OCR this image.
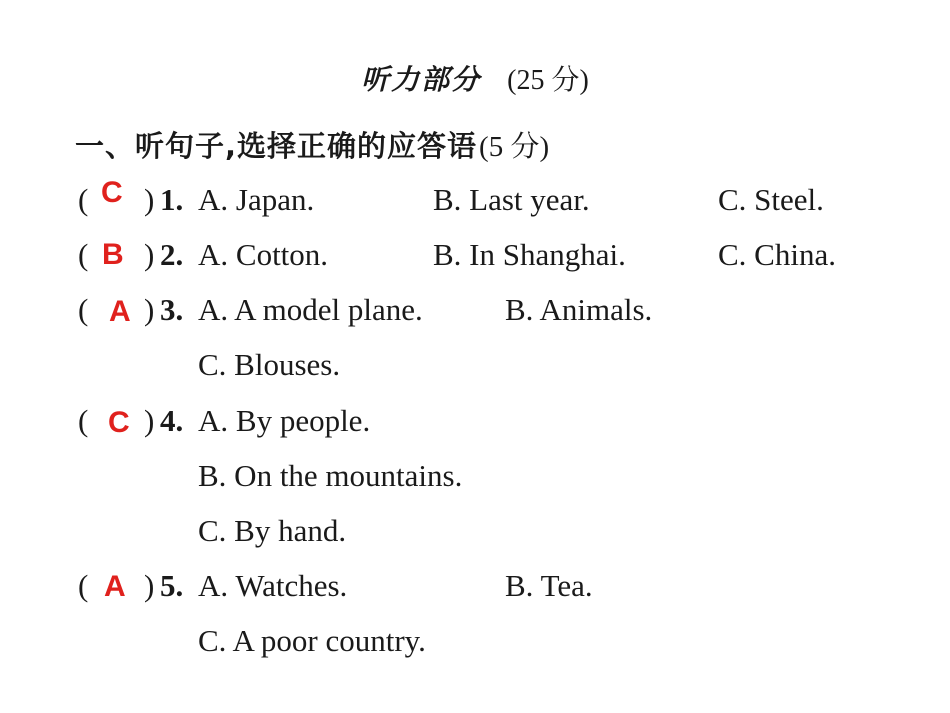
听力部分 (25 分)
一、听句子,选择正确的应答语(5 分)
( C ) 1. A. Japan.	B. Last year.	C. Steel.
( B ) 2. A. Cotton.	B. In Shanghai.	C. China.
( A ) 3. A. A model plane.	B. Animals.
C. Blouses.
( C ) 4. A. By people.
B. On the mountains.
C. By hand.
( A ) 5. A. Watches.	B. Tea.
C. A poor country.
